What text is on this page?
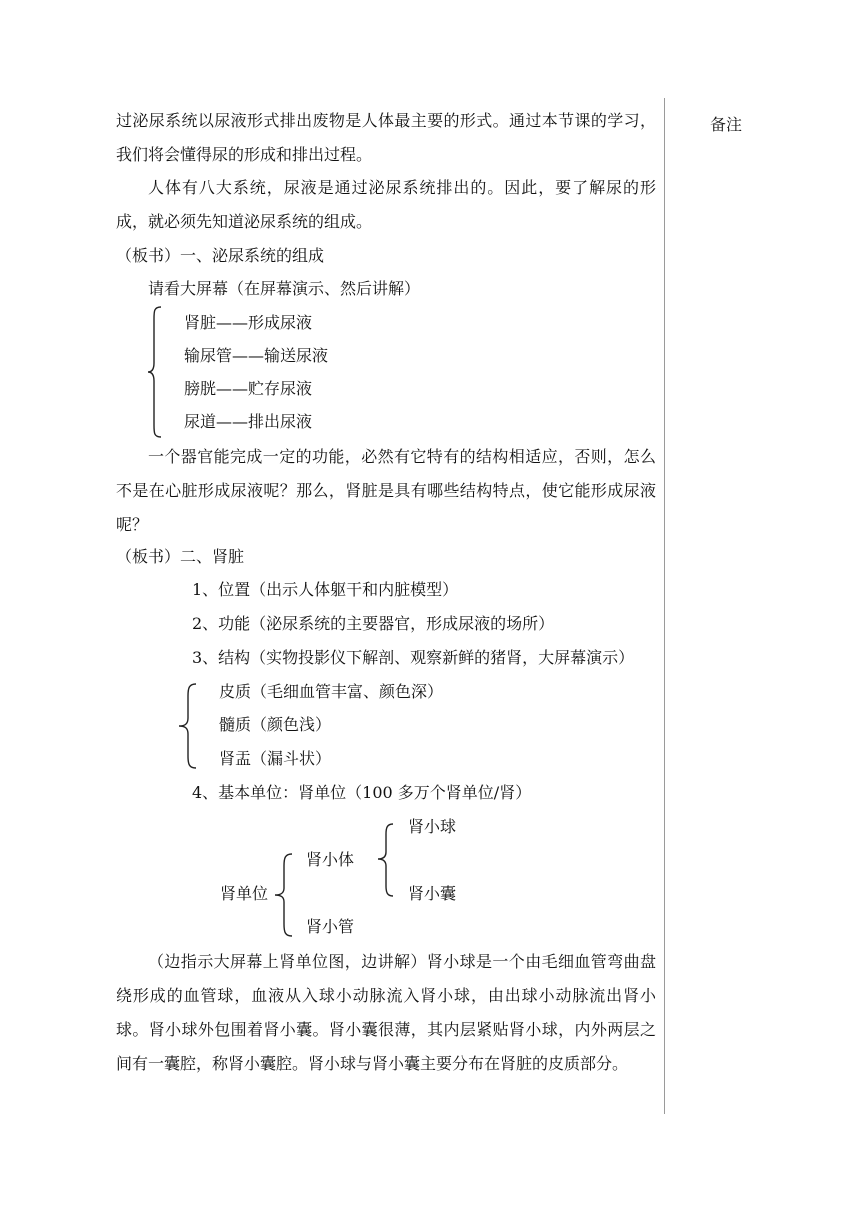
备注
过泌尿系统以尿液形式排出废物是人体最主要的形式。通过本节课的学习，我们将会懂得尿的形成和排出过程。
人体有八大系统，尿液是通过泌尿系统排出的。因此，要了解尿的形成，就必须先知道泌尿系统的组成。
（板书）一、泌尿系统的组成
请看大屏幕（在屏幕演示、然后讲解）
肾脏——形成尿液
输尿管——输送尿液
膀胱——贮存尿液
尿道——排出尿液
一个器官能完成一定的功能，必然有它特有的结构相适应，否则，怎么不是在心脏形成尿液呢？那么，肾脏是具有哪些结构特点，使它能形成尿液呢？
（板书）二、肾脏
1、位置（出示人体躯干和内脏模型）
2、功能（泌尿系统的主要器官，形成尿液的场所）
3、结构（实物投影仪下解剖、观察新鲜的猪肾，大屏幕演示）
皮质（毛细血管丰富、颜色深）
髓质（颜色浅）
肾盂（漏斗状）
4、基本单位：肾单位（100 多万个肾单位/肾）
肾小球
肾小体
肾小囊
肾单位
肾小管
（边指示大屏幕上肾单位图，边讲解）肾小球是一个由毛细血管弯曲盘绕形成的血管球，血液从入球小动脉流入肾小球，由出球小动脉流出肾小球。肾小球外包围着肾小囊。肾小囊很薄，其内层紧贴肾小球，内外两层之间有一囊腔，称肾小囊腔。肾小球与肾小囊主要分布在肾脏的皮质部分。
